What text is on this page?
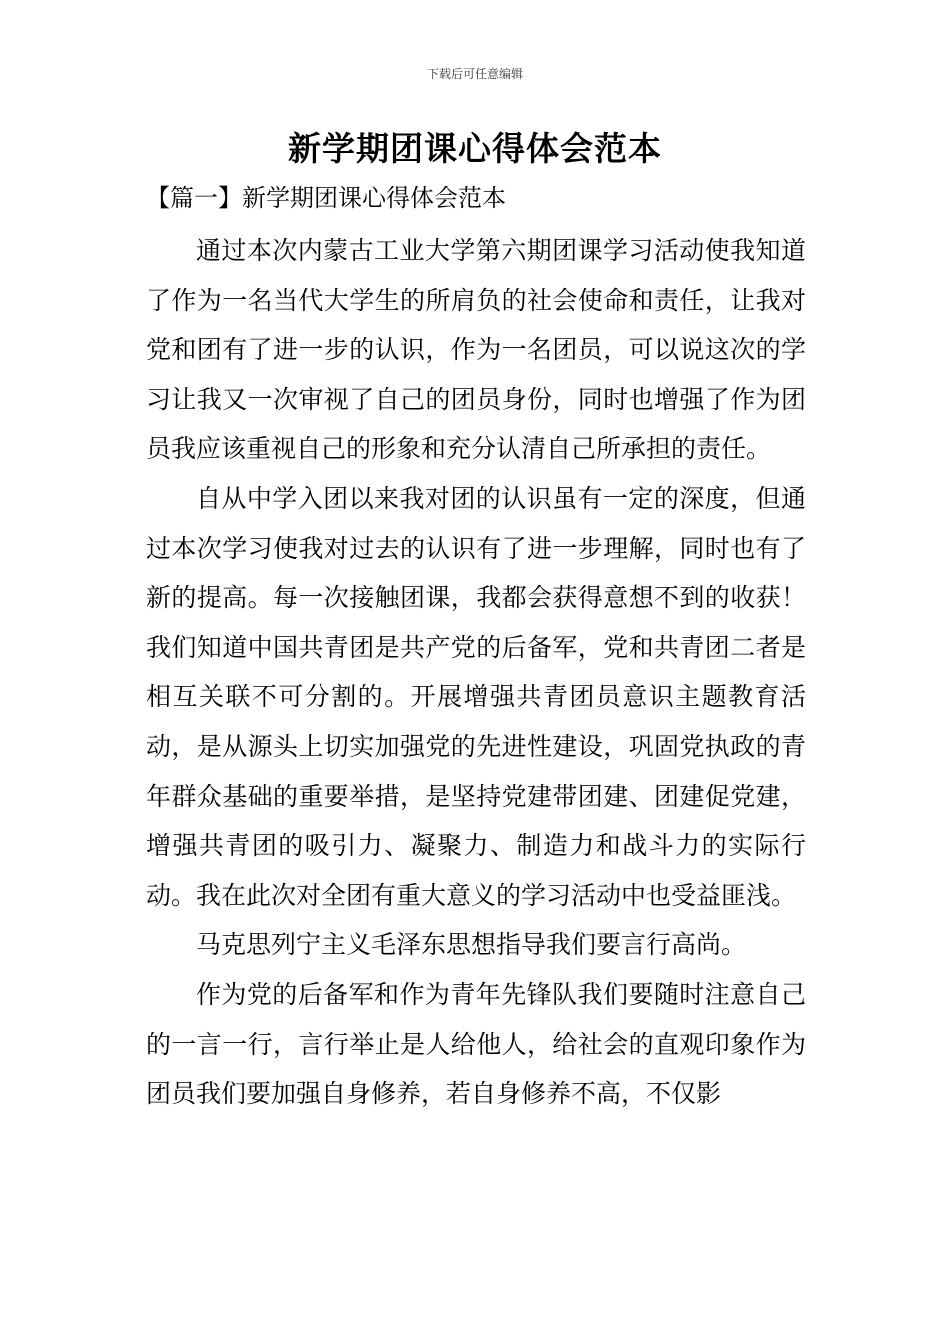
下载后可任意编辑
新学期团课心得体会范本
【篇一】新学期团课心得体会范本

通过本次内蒙古工业大学第六期团课学习活动使我知道了作为一名当代大学生的所肩负的社会使命和责任，让我对党和团有了进一步的认识，作为一名团员，可以说这次的学习让我又一次审视了自己的团员身份，同时也增强了作为团员我应该重视自己的形象和充分认清自己所承担的责任。

自从中学入团以来我对团的认识虽有一定的深度，但通过本次学习使我对过去的认识有了进一步理解，同时也有了新的提高。每一次接触团课，我都会获得意想不到的收获！我们知道中国共青团是共产党的后备军，党和共青团二者是相互关联不可分割的。开展增强共青团员意识主题教育活动，是从源头上切实加强党的先进性建设，巩固党执政的青年群众基础的重要举措，是坚持党建带团建、团建促党建，增强共青团的吸引力、凝聚力、制造力和战斗力的实际行动。我在此次对全团有重大意义的学习活动中也受益匪浅。

马克思列宁主义毛泽东思想指导我们要言行高尚。

作为党的后备军和作为青年先锋队我们要随时注意自己的一言一行，言行举止是人给他人，给社会的直观印象作为团员我们要加强自身修养，若自身修养不高，不仅影
